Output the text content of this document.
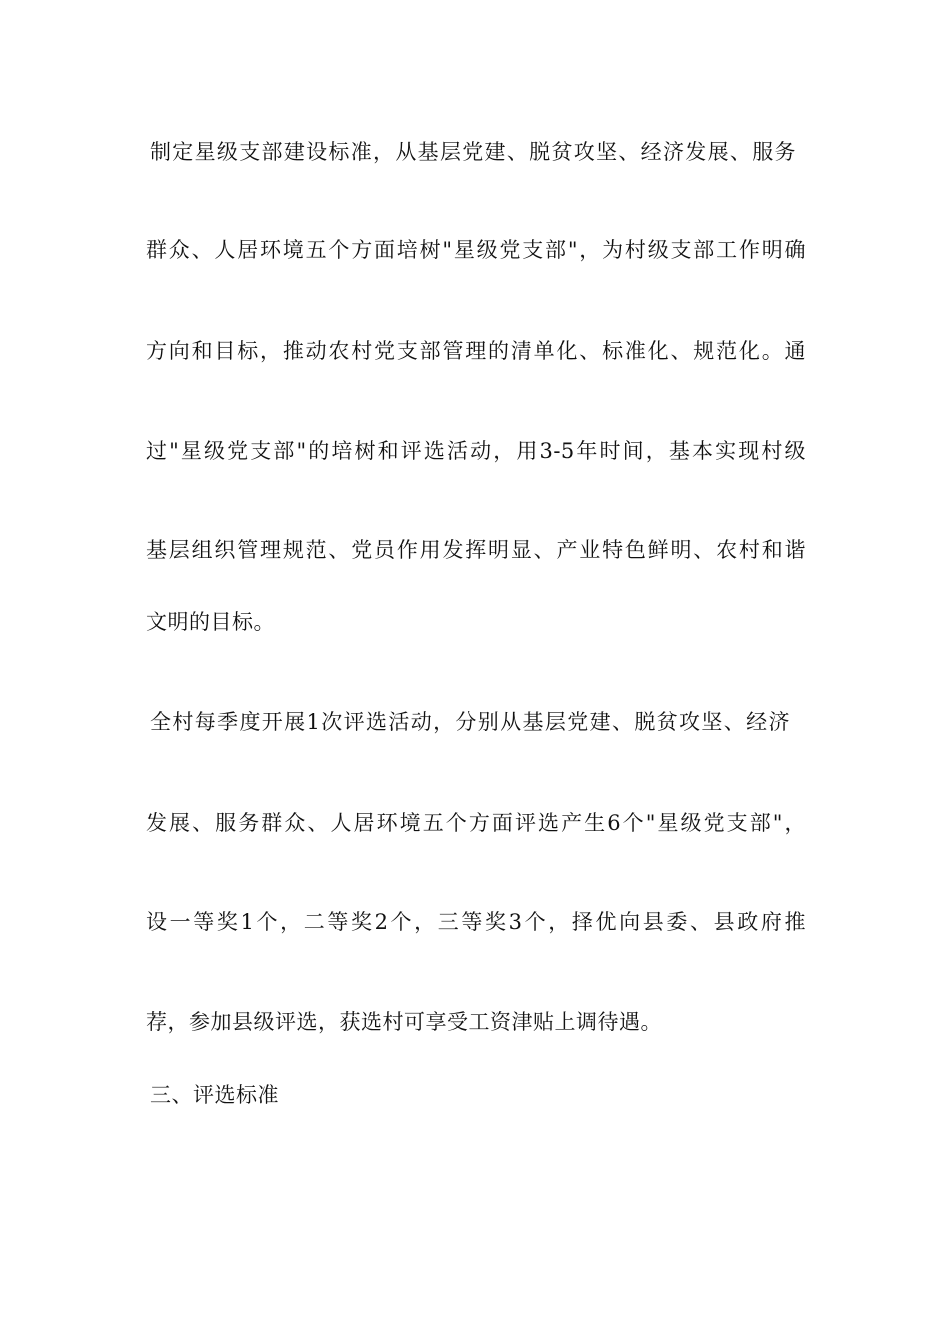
制定星级支部建设标准，从基层党建、脱贫攻坚、经济发展、服务
群众、人居环境五个方面培树"星级党支部"，为村级支部工作明确
方向和目标，推动农村党支部管理的清单化、标准化、规范化。通
过"星级党支部"的培树和评选活动，用3-5年时间，基本实现村级
基层组织管理规范、党员作用发挥明显、产业特色鲜明、农村和谐
文明的目标。
全村每季度开展1次评选活动，分别从基层党建、脱贫攻坚、经济
发展、服务群众、人居环境五个方面评选产生6个"星级党支部"，
设一等奖1个，二等奖2个，三等奖3个，择优向县委、县政府推
荐，参加县级评选，获选村可享受工资津贴上调待遇。
三、评选标准
